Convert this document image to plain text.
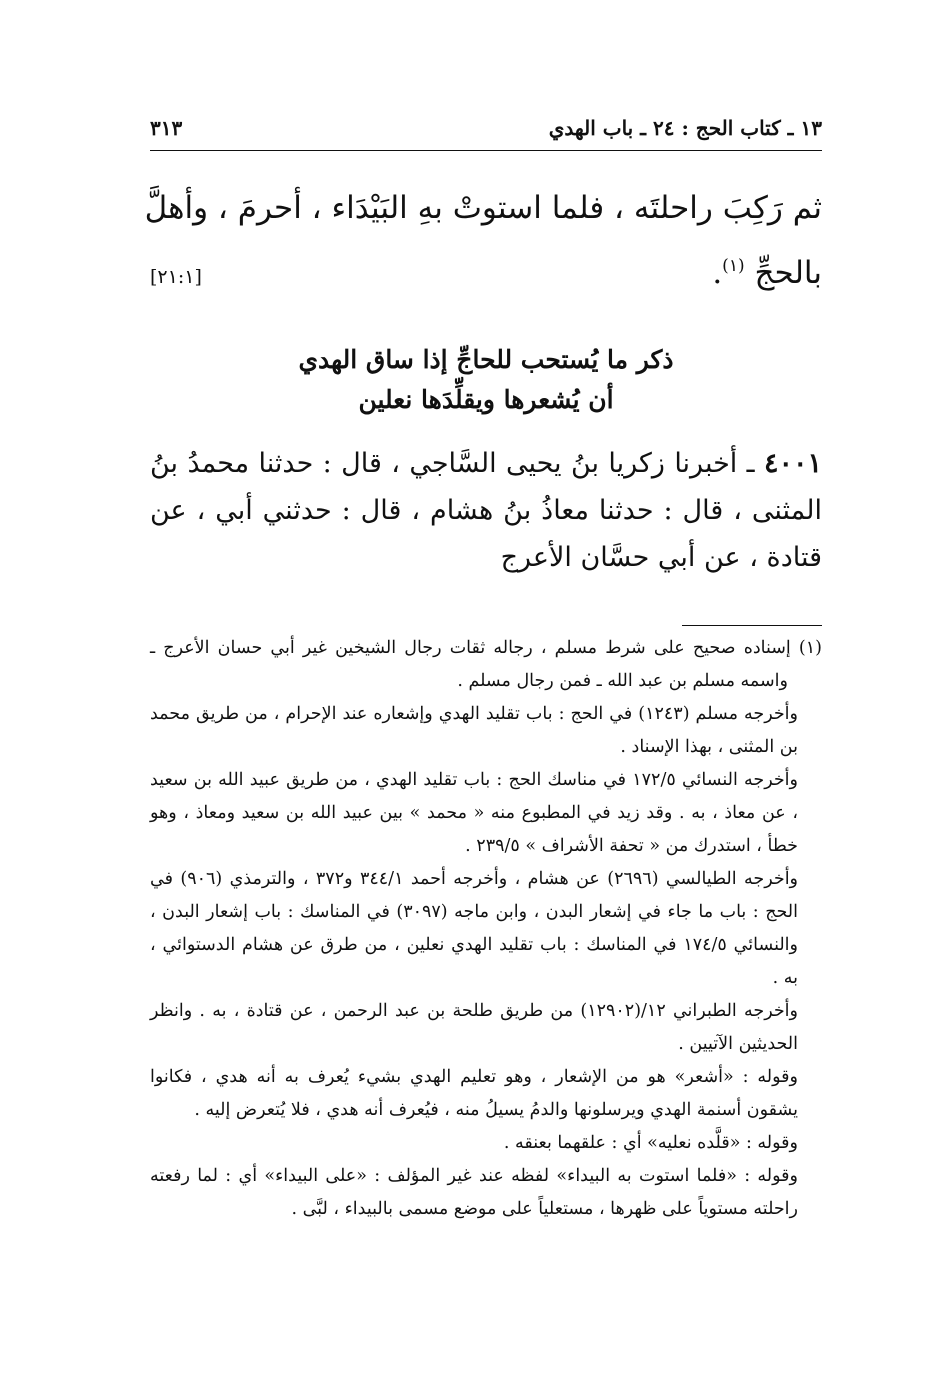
١٣ ـ كتاب الحج : ٢٤ ـ باب الهدي
٣١٣
ثم رَكِبَ راحلتَه ، فلما استوتْ بهِ البَيْدَاء ، أحرمَ ، وأهلَّ
بالحجِّ $^{(١)}$.
[٢١:١]
ذكر ما يُستحب للحاجِّ إذا ساق الهدي
أن يُشعرها ويقلِّدَها نعلين
٤٠٠١ ـ أخبرنا زكريا بنُ يحيى السَّاجي ، قال : حدثنا محمدُ بنُ المثنى ، قال : حدثنا معاذُ بنُ هشام ، قال : حدثني أبي ، عن قتادة ، عن أبي حسَّان الأعرج

(١) إسناده صحيح على شرط مسلم ، رجاله ثقات رجال الشيخين غير أبي حسان الأعرج ـ واسمه مسلم بن عبد الله ـ فمن رجال مسلم .

وأخرجه مسلم (١٢٤٣) في الحج : باب تقليد الهدي وإشعاره عند الإحرام ، من طريق محمد بن المثنى ، بهذا الإسناد .

وأخرجه النسائي ١٧٢/٥ في مناسك الحج : باب تقليد الهدي ، من طريق عبيد الله بن سعيد ، عن معاذ ، به . وقد زيد في المطبوع منه « محمد » بين عبيد الله بن سعيد ومعاذ ، وهو خطأ ، استدرك من « تحفة الأشراف » ٢٣٩/٥ .

وأخرجه الطيالسي (٢٦٩٦) عن هشام ، وأخرجه أحمد ٣٤٤/١ و٣٧٢ ، والترمذي (٩٠٦) في الحج : باب ما جاء في إشعار البدن ، وابن ماجه (٣٠٩٧) في المناسك : باب إشعار البدن ، والنسائي ١٧٤/٥ في المناسك : باب تقليد الهدي نعلين ، من طرق عن هشام الدستوائي ، به .

وأخرجه الطبراني ١٢/(١٢٩٠٢) من طريق طلحة بن عبد الرحمن ، عن قتادة ، به . وانظر الحديثين الآتيين .

وقوله : «أشعر» هو من الإشعار ، وهو تعليم الهدي بشيء يُعرف به أنه هدي ، فكانوا يشقون أسنمة الهدي ويرسلونها والدمُ يسيلُ منه ، فيُعرف أنه هدي ، فلا يُتعرض إليه .

وقوله : «قلَّده نعليه» أي : علقهما بعنقه .

وقوله : «فلما استوت به البيداء» لفظه عند غير المؤلف : «على البيداء» أي : لما رفعته راحلته مستوياً على ظهرها ، مستعلياً على موضع مسمى بالبيداء ، لبَّى .
